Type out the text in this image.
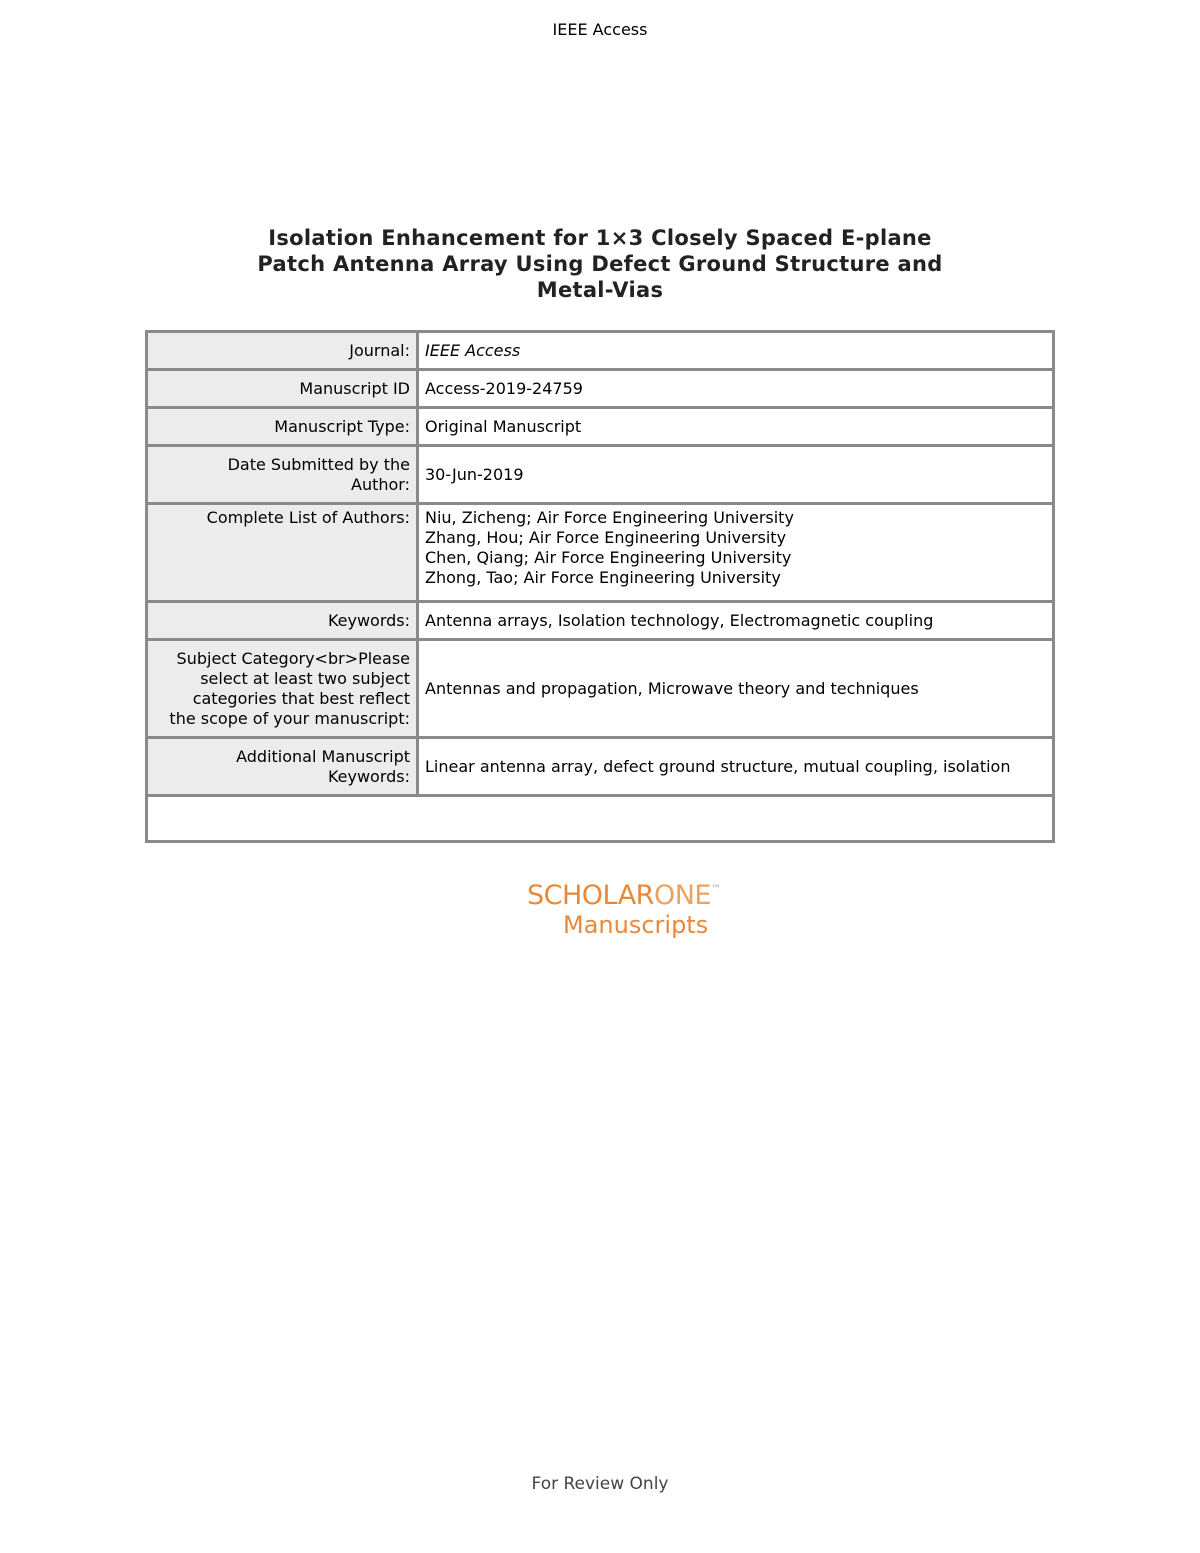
IEEE Access
Isolation Enhancement for 1×3 Closely Spaced E-plane
Patch Antenna Array Using Defect Ground Structure and
Metal-Vias
Journal:	IEEE Access
Manuscript ID	Access-2019-24759
Manuscript Type:	Original Manuscript

Date Submitted by the
Author:	30-Jun-2019
Complete List of Authors:	Niu, Zicheng; Air Force Engineering University
Zhang, Hou; Air Force Engineering University
Chen, Qiang; Air Force Engineering University
Zhong, Tao; Air Force Engineering University

Keywords:	Antenna arrays, Isolation technology, Electromagnetic coupling

Subject Category<br>Please
select at least two subject
categories that best reflect
the scope of your manuscript:	Antennas and propagation, Microwave theory and techniques

Additional Manuscript
Keywords:	Linear antenna array, defect ground structure, mutual coupling, isolation

SCHOLARONE™
Manuscripts
For Review Only
